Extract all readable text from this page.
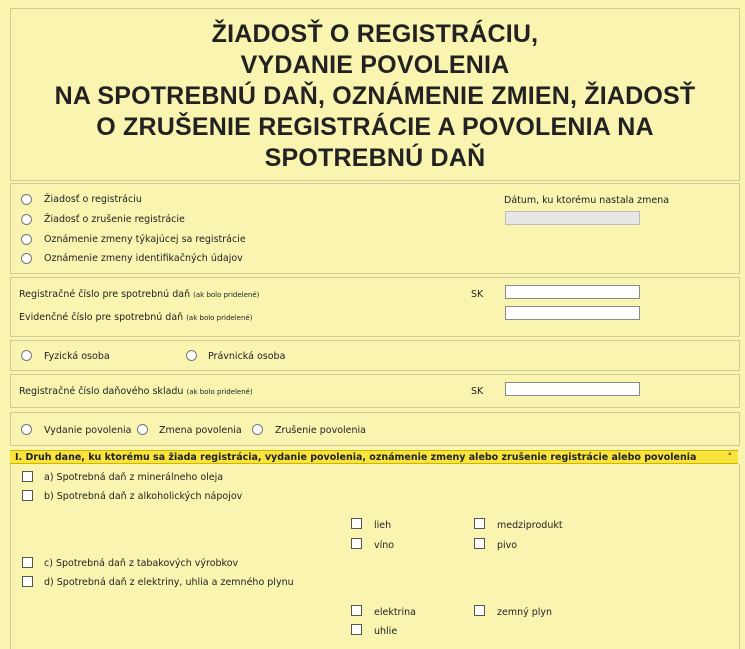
ŽIADOSŤ O REGISTRÁCIU,
VYDANIE POVOLENIA
NA SPOTREBNÚ DAŇ, OZNÁMENIE ZMIEN, ŽIADOSŤ
O ZRUŠENIE REGISTRÁCIE A POVOLENIA NA
SPOTREBNÚ DAŇ
Žiadosť o registráciu
Žiadosť o zrušenie registrácie
Oznámenie zmeny týkajúcej sa registrácie
Oznámenie zmeny identifikačných údajov
Dátum, ku ktorému nastala zmena
Registračné číslo pre spotrebnú daň (ak bolo pridelené)	SK
Evidenčné číslo pre spotrebnú daň (ak bolo pridelené)
Fyzická osoba	Právnická osoba
Registračné číslo daňového skladu (ak bolo pridelené)	SK
Vydanie povolenia	Zmena povolenia	Zrušenie povolenia
I. Druh dane, ku ktorému sa žiada registrácia, vydanie povolenia, oznámenie zmeny alebo zrušenie registrácie alebo povolenia	˄
a) Spotrebná daň z minerálneho oleja
b) Spotrebná daň z alkoholických nápojov
lieh	medziprodukt
víno	pivo
c) Spotrebná daň z tabakových výrobkov
d) Spotrebná daň z elektriny, uhlia a zemného plynu
elektrina	zemný plyn
uhlie
